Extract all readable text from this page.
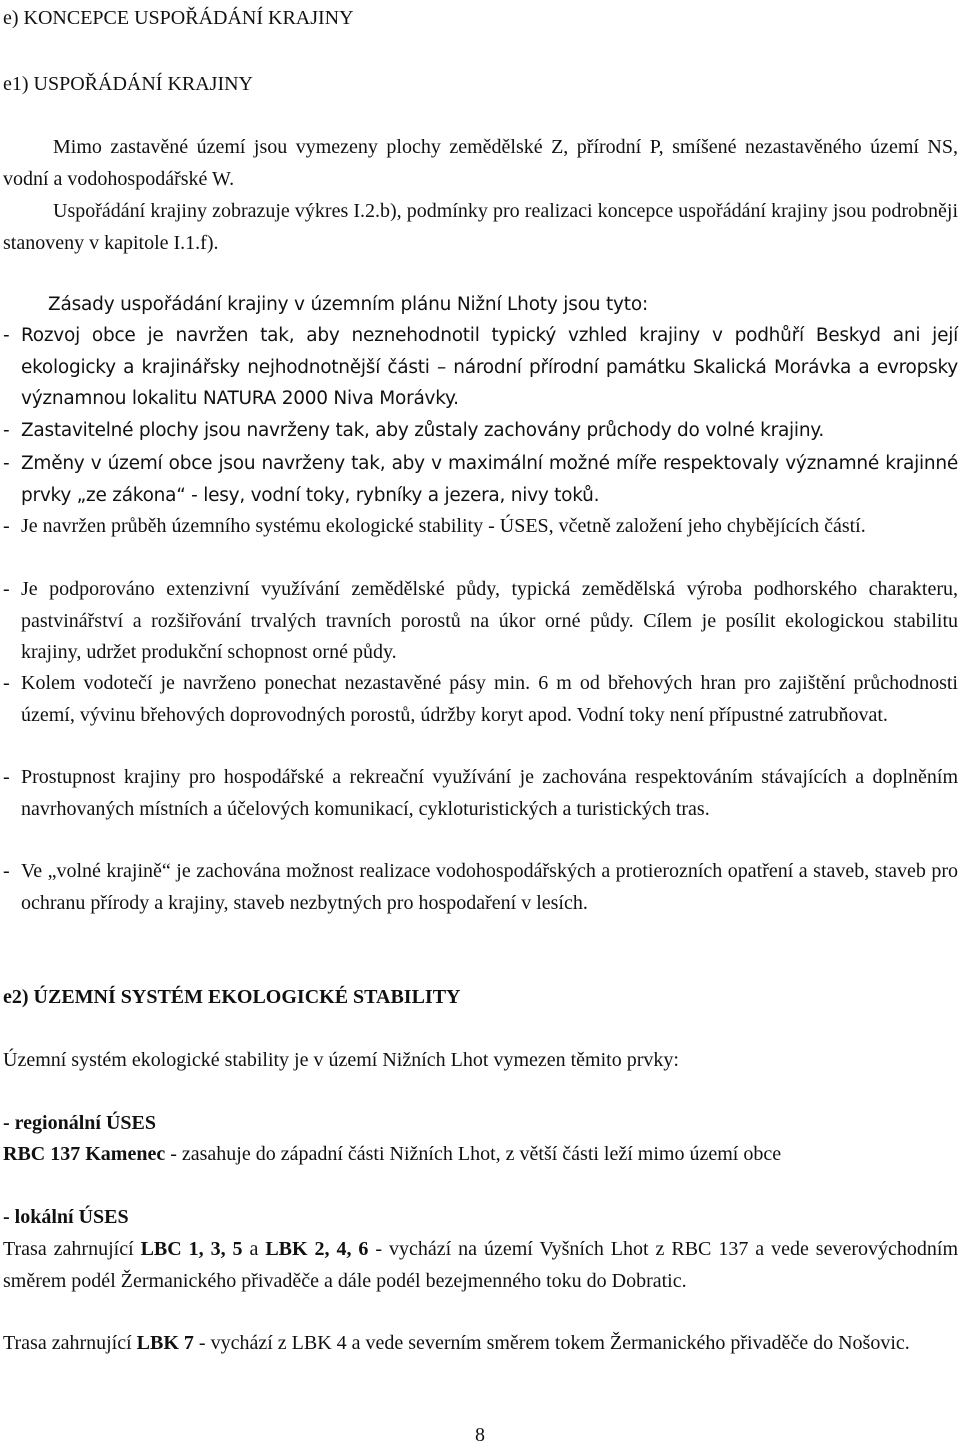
e) KONCEPCE USPOŘÁDÁNÍ KRAJINY
e1) USPOŘÁDÁNÍ KRAJINY
Mimo zastavěné území jsou vymezeny plochy zemědělské Z, přírodní P, smíšené nezastavěného území NS, vodní a vodohospodářské W.
Uspořádání krajiny zobrazuje výkres I.2.b), podmínky pro realizaci koncepce uspořádání krajiny jsou podrobněji stanoveny v kapitole I.1.f).
Zásady uspořádání krajiny v územním plánu Nižní Lhoty jsou tyto:
- Rozvoj obce je navržen tak, aby neznehodnotil typický vzhled krajiny v podhůří Beskyd ani její ekologicky a krajinářsky nejhodnotnější části – národní přírodní památku Skalická Morávka a evropsky významnou lokalitu NATURA 2000 Niva Morávky.
- Zastavitelné plochy jsou navrženy tak, aby zůstaly zachovány průchody do volné krajiny.
- Změny v území obce jsou navrženy tak, aby v maximální možné míře respektovaly významné krajinné prvky „ze zákona“ - lesy, vodní toky, rybníky a jezera, nivy toků.
- Je navržen průběh územního systému ekologické stability - ÚSES, včetně založení jeho chybějících částí.
- Je podporováno extenzivní využívání zemědělské půdy, typická zemědělská výroba podhorského charakteru, pastvinářství a rozšiřování trvalých travních porostů na úkor orné půdy. Cílem je posílit ekologickou stabilitu krajiny, udržet produkční schopnost orné půdy.
- Kolem vodotečí je navrženo ponechat nezastavěné pásy min. 6 m od břehových hran pro zajištění průchodnosti území, vývinu břehových doprovodných porostů, údržby koryt apod. Vodní toky není přípustné zatrubňovat.
- Prostupnost krajiny pro hospodářské a rekreační využívání je zachována respektováním stávajících a doplněním navrhovaných místních a účelových komunikací, cykloturistických a turistických tras.
- Ve „volné krajině“ je zachována možnost realizace vodohospodářských a protierozních opatření a staveb, staveb pro ochranu přírody a krajiny, staveb nezbytných pro hospodaření v lesích.
e2) ÚZEMNÍ SYSTÉM EKOLOGICKÉ STABILITY
Územní systém ekologické stability je v území Nižních Lhot vymezen těmito prvky:
- regionální ÚSES
RBC 137 Kamenec - zasahuje do západní části Nižních Lhot, z větší části leží mimo území obce
- lokální ÚSES
Trasa zahrnující LBC 1, 3, 5 a LBK 2, 4, 6 - vychází na území Vyšních Lhot z RBC 137 a vede severovýchodním směrem podél Žermanického přivaděče a dále podél bezejmenného toku do Dobratic.
Trasa zahrnující LBK 7 - vychází z LBK 4 a vede severním směrem tokem Žermanického přivaděče do Nošovic.
8
